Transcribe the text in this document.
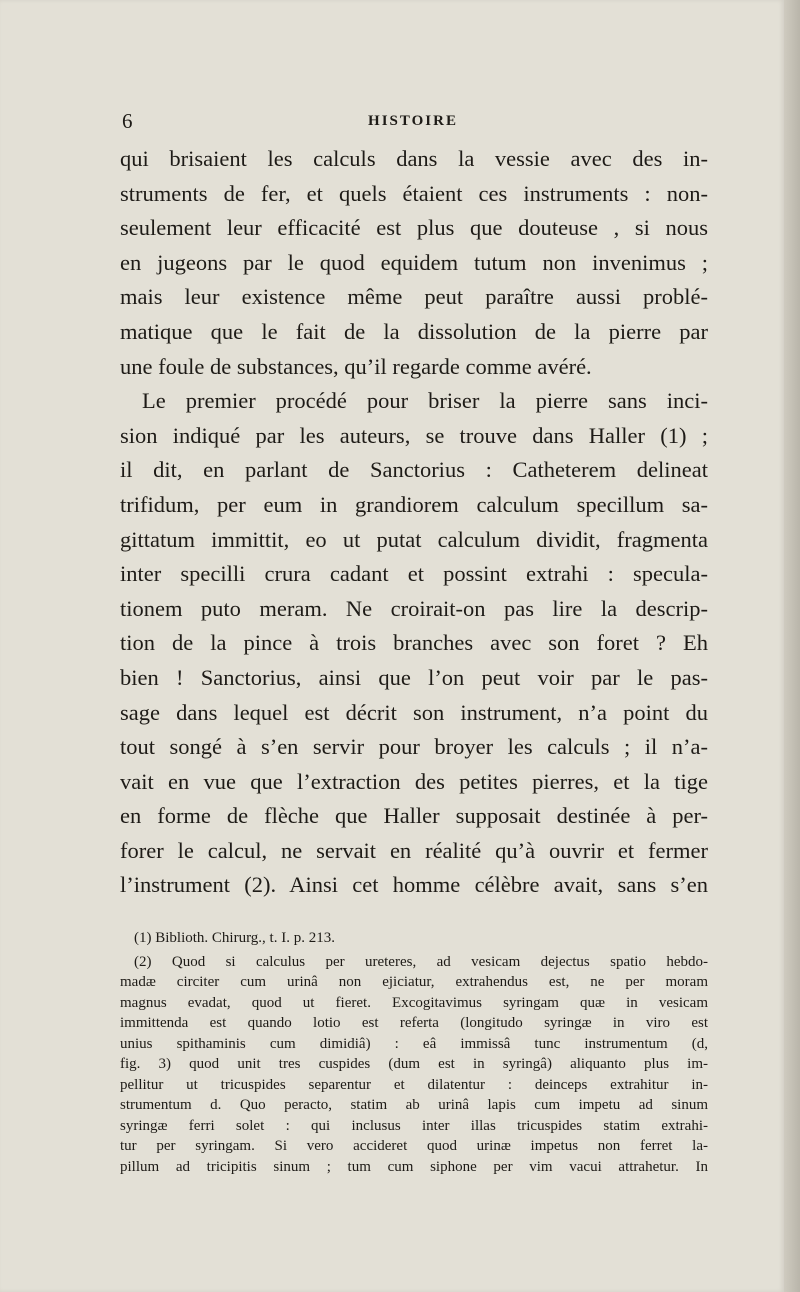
6	HISTOIRE
qui brisaient les calculs dans la vessie avec des in-
struments de fer, et quels étaient ces instruments : non-
seulement leur efficacité est plus que douteuse , si nous
en jugeons par le quod equidem tutum non invenimus ;
mais leur existence même peut paraître aussi problé-
matique que le fait de la dissolution de la pierre par
une foule de substances, qu’il regarde comme avéré.
Le premier procédé pour briser la pierre sans inci-
sion indiqué par les auteurs, se trouve dans Haller (1) ;
il dit, en parlant de Sanctorius : Catheterem delineat
trifidum, per eum in grandiorem calculum specillum sa-
gittatum immittit, eo ut putat calculum dividit, fragmenta
inter specilli crura cadant et possint extrahi : specula-
tionem puto meram. Ne croirait-on pas lire la descrip-
tion de la pince à trois branches avec son foret ? Eh
bien ! Sanctorius, ainsi que l’on peut voir par le pas-
sage dans lequel est décrit son instrument, n’a point du
tout songé à s’en servir pour broyer les calculs ; il n’a-
vait en vue que l’extraction des petites pierres, et la tige
en forme de flèche que Haller supposait destinée à per-
forer le calcul, ne servait en réalité qu’à ouvrir et fermer
l’instrument (2). Ainsi cet homme célèbre avait, sans s’en
(1) Biblioth. Chirurg., t. I. p. 213.
(2) Quod si calculus per ureteres, ad vesicam dejectus spatio hebdo-
madæ circiter cum urinâ non ejiciatur, extrahendus est, ne per moram
magnus evadat, quod ut fieret. Excogitavimus syringam quæ in vesicam
immittenda est quando lotio est referta (longitudo syringæ in viro est
unius spithaminis cum dimidiâ) : eâ immissâ tunc instrumentum (d,
fig. 3) quod unit tres cuspides (dum est in syringâ) aliquanto plus im-
pellitur ut tricuspides separentur et dilatentur : deinceps extrahitur in-
strumentum d. Quo peracto, statim ab urinâ lapis cum impetu ad sinum
syringæ ferri solet : qui inclusus inter illas tricuspides statim extrahi-
tur per syringam. Si vero accideret quod urinæ impetus non ferret la-
pillum ad tricipitis sinum ; tum cum siphone per vim vacui attrahetur. In
